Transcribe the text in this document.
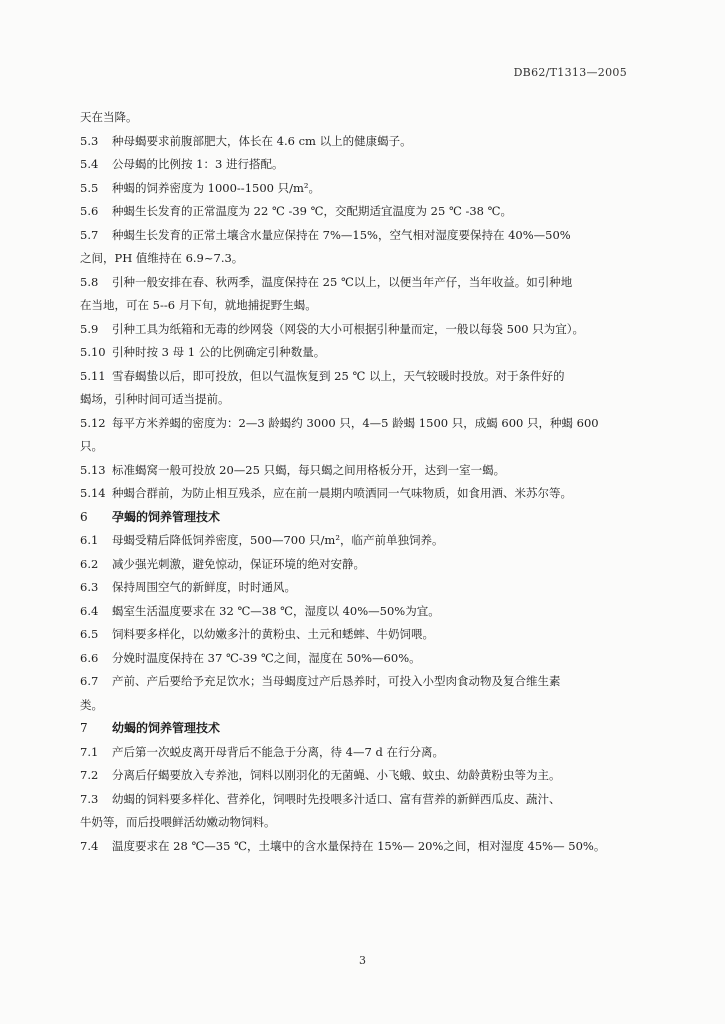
DB62/T1313—2005
天在当降。
5.3 种母蝎要求前腹部肥大，体长在 4.6 cm 以上的健康蝎子。
5.4 公母蝎的比例按 1：3 进行搭配。
5.5 种蝎的饲养密度为 1000--1500 只/m²。
5.6 种蝎生长发育的正常温度为 22 ℃ -39 ℃，交配期适宜温度为 25 ℃ -38 ℃。
5.7 种蝎生长发育的正常土壤含水量应保持在 7%—15%，空气相对湿度要保持在 40%—50%
之间，PH 值维持在 6.9~7.3。
5.8 引种一般安排在春、秋两季，温度保持在 25 ℃以上，以便当年产仔，当年收益。如引种地
在当地，可在 5--6 月下旬，就地捕捉野生蝎。
5.9 引种工具为纸箱和无毒的纱网袋（网袋的大小可根据引种量而定，一般以每袋 500 只为宜）。
5.10 引种时按 3 母 1 公的比例确定引种数量。
5.11 雪春蝎蛰以后，即可投放，但以气温恢复到 25 ℃ 以上，天气较暖时投放。对于条件好的
蝎场，引种时间可适当提前。
5.12 每平方米养蝎的密度为：2—3 龄蝎约 3000 只，4—5 龄蝎 1500 只，成蝎 600 只，种蝎 600
只。
5.13 标准蝎窝一般可投放 20—25 只蝎，每只蝎之间用格板分开，达到一室一蝎。
5.14 种蝎合群前，为防止相互残杀，应在前一晨期内喷洒同一气味物质，如食用酒、米苏尔等。
6 孕蝎的饲养管理技术
6.1 母蝎受精后降低饲养密度，500—700 只/m²，临产前单独饲养。
6.2 减少强光刺激，避免惊动，保证环境的绝对安静。
6.3 保持周围空气的新鲜度，时时通风。
6.4 蝎室生活温度要求在 32 ℃—38 ℃，湿度以 40%—50%为宜。
6.5 饲料要多样化，以幼嫩多汁的黄粉虫、土元和蟋蟀、牛奶饲喂。
6.6 分娩时温度保持在 37 ℃-39 ℃之间，湿度在 50%—60%。
6.7 产前、产后要给予充足饮水；当母蝎度过产后恳养时，可投入小型肉食动物及复合维生素
类。
7 幼蝎的饲养管理技术
7.1 产后第一次蜕皮离开母背后不能急于分离，待 4—7 d 在行分离。
7.2 分离后仔蝎要放入专养池，饲料以刚羽化的无菌蝇、小飞蛾、蚊虫、幼龄黄粉虫等为主。
7.3 幼蝎的饲料要多样化、营养化，饲喂时先投喂多汁适口、富有营养的新鲜西瓜皮、蔬汁、
牛奶等，而后投喂鲜活幼嫩动物饲料。
7.4 温度要求在 28 ℃—35 ℃，土壤中的含水量保持在 15%— 20%之间，相对湿度 45%— 50%。
3
